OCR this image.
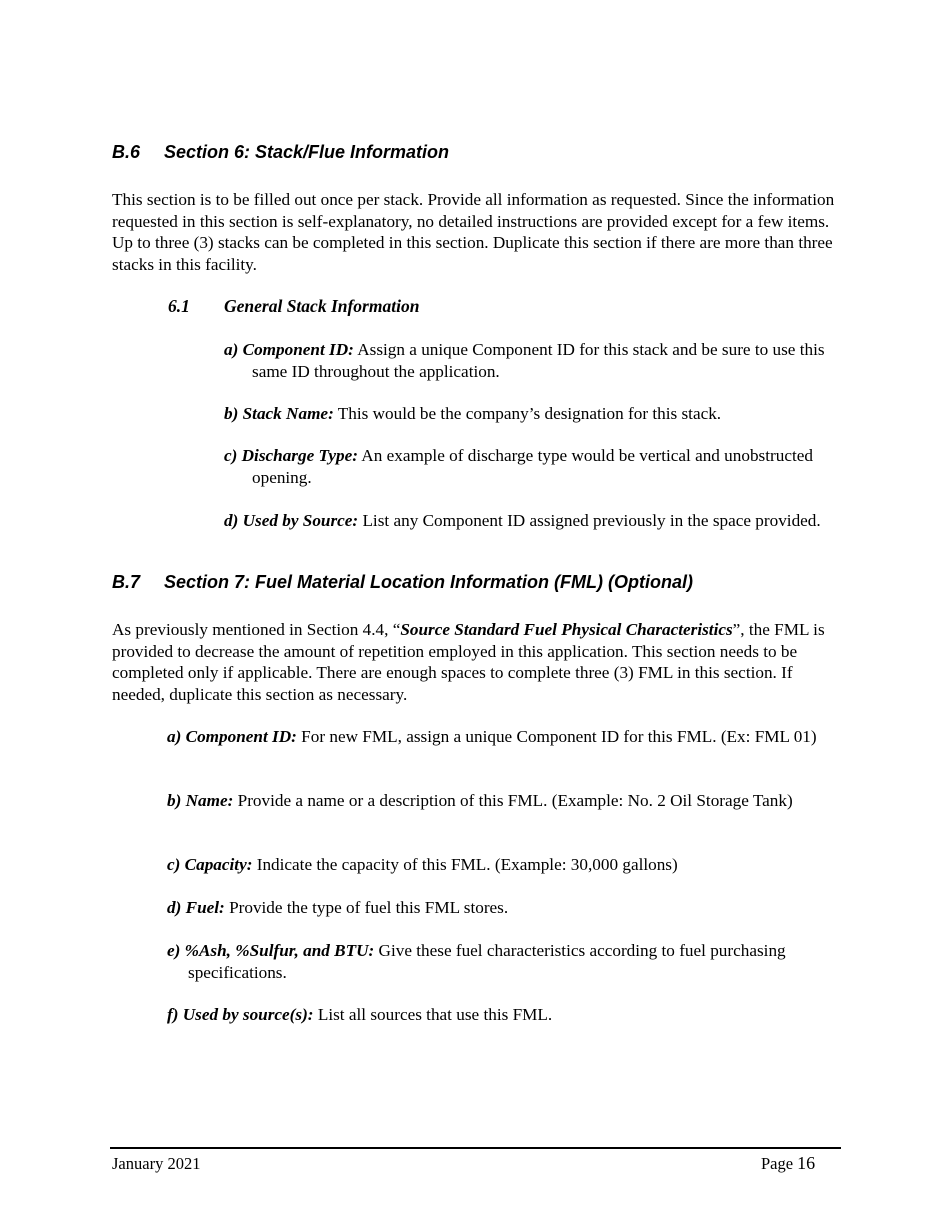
B.6 Section 6: Stack/Flue Information

This section is to be filled out once per stack. Provide all information as requested. Since the information requested in this section is self-explanatory, no detailed instructions are provided except for a few items. Up to three (3) stacks can be completed in this section. Duplicate this section if there are more than three stacks in this facility.

6.1 General Stack Information

a) Component ID: Assign a unique Component ID for this stack and be sure to use this same ID throughout the application.

b) Stack Name: This would be the company’s designation for this stack.

c) Discharge Type: An example of discharge type would be vertical and unobstructed opening.

d) Used by Source: List any Component ID assigned previously in the space provided.

B.7 Section 7: Fuel Material Location Information (FML) (Optional)

As previously mentioned in Section 4.4, “Source Standard Fuel Physical Characteristics”, the FML is provided to decrease the amount of repetition employed in this application. This section needs to be completed only if applicable. There are enough spaces to complete three (3) FML in this section. If needed, duplicate this section as necessary.

a) Component ID: For new FML, assign a unique Component ID for this FML. (Ex: FML 01)

b) Name: Provide a name or a description of this FML. (Example: No. 2 Oil Storage Tank)

c) Capacity: Indicate the capacity of this FML. (Example: 30,000 gallons)

d) Fuel: Provide the type of fuel this FML stores.

e) %Ash, %Sulfur, and BTU: Give these fuel characteristics according to fuel purchasing specifications.

f) Used by source(s): List all sources that use this FML.

January 2021	Page 16
